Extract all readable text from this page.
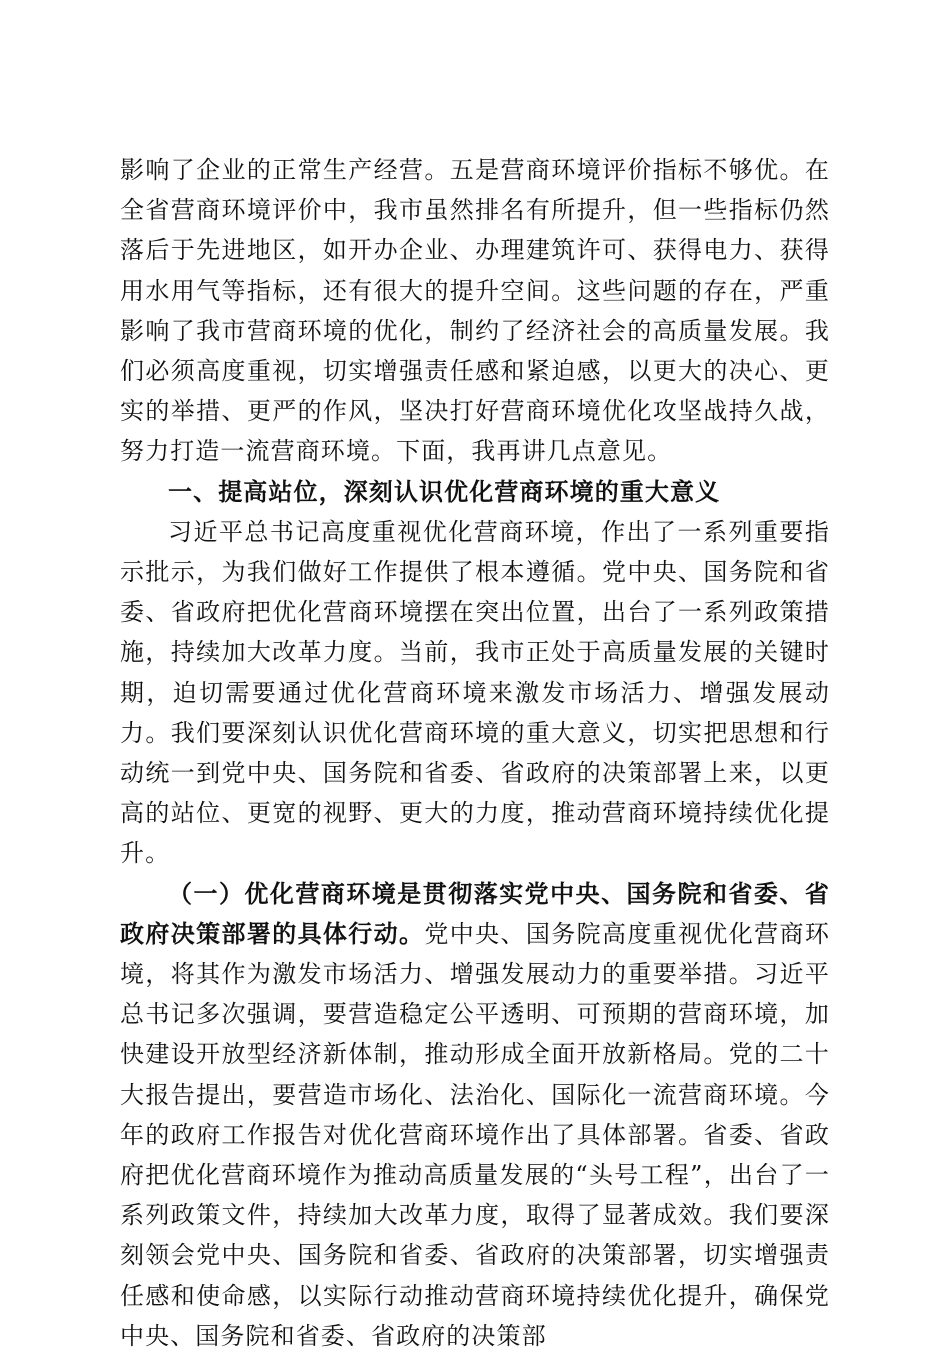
影响了企业的正常生产经营。五是营商环境评价指标不够优。在全省营商环境评价中，我市虽然排名有所提升，但一些指标仍然落后于先进地区，如开办企业、办理建筑许可、获得电力、获得用水用气等指标，还有很大的提升空间。这些问题的存在，严重影响了我市营商环境的优化，制约了经济社会的高质量发展。我们必须高度重视，切实增强责任感和紧迫感，以更大的决心、更实的举措、更严的作风，坚决打好营商环境优化攻坚战持久战，努力打造一流营商环境。下面，我再讲几点意见。

一、提高站位，深刻认识优化营商环境的重大意义

习近平总书记高度重视优化营商环境，作出了一系列重要指示批示，为我们做好工作提供了根本遵循。党中央、国务院和省委、省政府把优化营商环境摆在突出位置，出台了一系列政策措施，持续加大改革力度。当前，我市正处于高质量发展的关键时期，迫切需要通过优化营商环境来激发市场活力、增强发展动力。我们要深刻认识优化营商环境的重大意义，切实把思想和行动统一到党中央、国务院和省委、省政府的决策部署上来，以更高的站位、更宽的视野、更大的力度，推动营商环境持续优化提升。

（一）优化营商环境是贯彻落实党中央、国务院和省委、省政府决策部署的具体行动。党中央、国务院高度重视优化营商环境，将其作为激发市场活力、增强发展动力的重要举措。习近平总书记多次强调，要营造稳定公平透明、可预期的营商环境，加快建设开放型经济新体制，推动形成全面开放新格局。党的二十大报告提出，要营造市场化、法治化、国际化一流营商环境。今年的政府工作报告对优化营商环境作出了具体部署。省委、省政府把优化营商环境作为推动高质量发展的“头号工程”，出台了一系列政策文件，持续加大改革力度，取得了显著成效。我们要深刻领会党中央、国务院和省委、省政府的决策部署，切实增强责任感和使命感，以实际行动推动营商环境持续优化提升，确保党中央、国务院和省委、省政府的决策部
